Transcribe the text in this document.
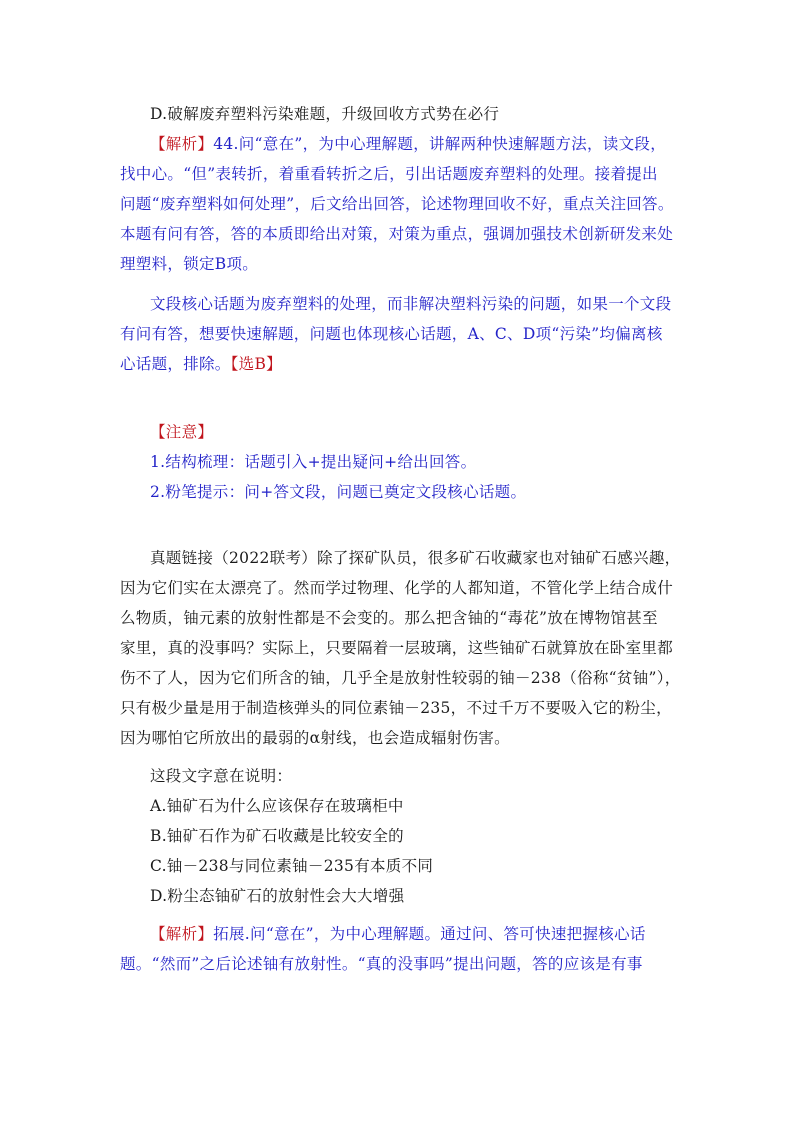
D.破解废弃塑料污染难题，升级回收方式势在必行
【解析】44.问“意在”，为中心理解题，讲解两种快速解题方法，读文段，
找中心。“但”表转折，着重看转折之后，引出话题废弃塑料的处理。接着提出
问题“废弃塑料如何处理”，后文给出回答，论述物理回收不好，重点关注回答。
本题有问有答，答的本质即给出对策，对策为重点，强调加强技术创新研发来处
理塑料，锁定B项。
文段核心话题为废弃塑料的处理，而非解决塑料污染的问题，如果一个文段
有问有答，想要快速解题，问题也体现核心话题，A、C、D项“污染”均偏离核
心话题，排除。【选B】
【注意】
1.结构梳理：话题引入+提出疑问+给出回答。
2.粉笔提示：问+答文段，问题已奠定文段核心话题。
真题链接（2022联考）除了探矿队员，很多矿石收藏家也对铀矿石感兴趣，
因为它们实在太漂亮了。然而学过物理、化学的人都知道，不管化学上结合成什
么物质，铀元素的放射性都是不会变的。那么把含铀的“毒花”放在博物馆甚至
家里，真的没事吗？实际上，只要隔着一层玻璃，这些铀矿石就算放在卧室里都
伤不了人，因为它们所含的铀，几乎全是放射性较弱的铀－238（俗称“贫铀”），
只有极少量是用于制造核弹头的同位素铀－235，不过千万不要吸入它的粉尘，
因为哪怕它所放出的最弱的α射线，也会造成辐射伤害。
这段文字意在说明：
A.铀矿石为什么应该保存在玻璃柜中
B.铀矿石作为矿石收藏是比较安全的
C.铀－238与同位素铀－235有本质不同
D.粉尘态铀矿石的放射性会大大增强
【解析】拓展.问“意在”，为中心理解题。通过问、答可快速把握核心话
题。“然而”之后论述铀有放射性。“真的没事吗”提出问题，答的应该是有事
